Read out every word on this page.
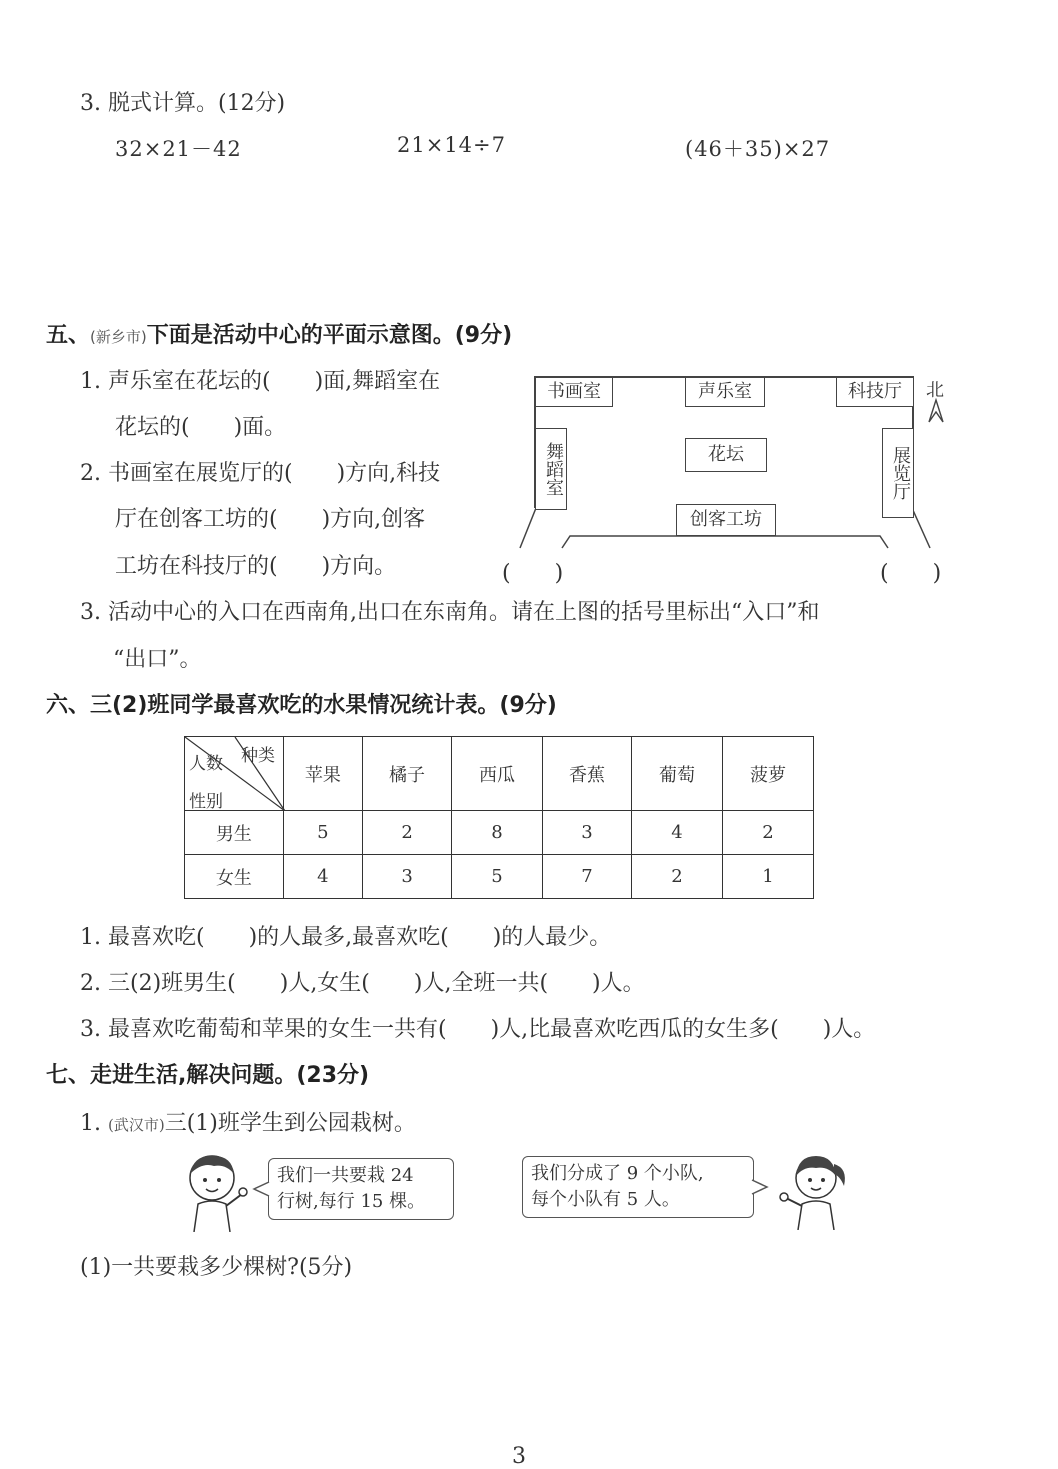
3. 脱式计算。(12分)
32×21－42	21×14÷7	(46＋35)×27
五、(新乡市)下面是活动中心的平面示意图。(9分)
1. 声乐室在花坛的(　　)面,舞蹈室在
花坛的(　　)面。
2. 书画室在展览厅的(　　)方向,科技
厅在创客工坊的(　　)方向,创客
工坊在科技厅的(　　)方向。
书画室	声乐室	科技厅
舞蹈室	花坛	展览厅
创客工坊
北
(　　)	(　　)
3. 活动中心的入口在西南角,出口在东南角。请在上图的括号里标出“入口”和
“出口”。
六、三(2)班同学最喜欢吃的水果情况统计表。(9分)
种类
人数
性别	苹果	橘子	西瓜	香蕉	葡萄	菠萝
男生	5	2	8	3	4	2
女生	4	3	5	7	2	1
1. 最喜欢吃(　　)的人最多,最喜欢吃(　　)的人最少。
2. 三(2)班男生(　　)人,女生(　　)人,全班一共(　　)人。
3. 最喜欢吃葡萄和苹果的女生一共有(　　)人,比最喜欢吃西瓜的女生多(　　)人。
七、走进生活,解决问题。(23分)
1. (武汉市)三(1)班学生到公园栽树。
我们一共要栽 24
行树,每行 15 棵。
我们分成了 9 个小队,
每个小队有 5 人。
(1)一共要栽多少棵树?(5分)
3
